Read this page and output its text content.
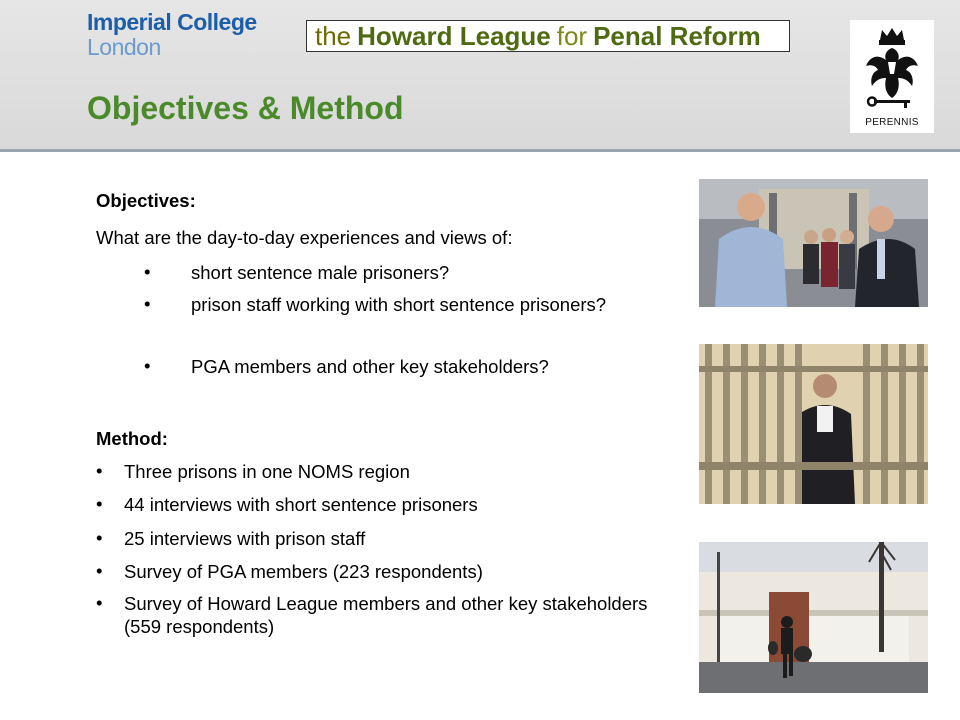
Imperial College
London	the Howard League for Penal Reform
PERENNIS
Objectives & Method
Objectives:
What are the day-to-day experiences and views of:
• short sentence male prisoners?
• prison staff working with short sentence prisoners?
• PGA members and other key stakeholders?
Method:
• Three prisons in one NOMS region
• 44 interviews with short sentence prisoners
• 25 interviews with prison staff
• Survey of PGA members (223 respondents)
• Survey of Howard League members and other key stakeholders (559 respondents)
